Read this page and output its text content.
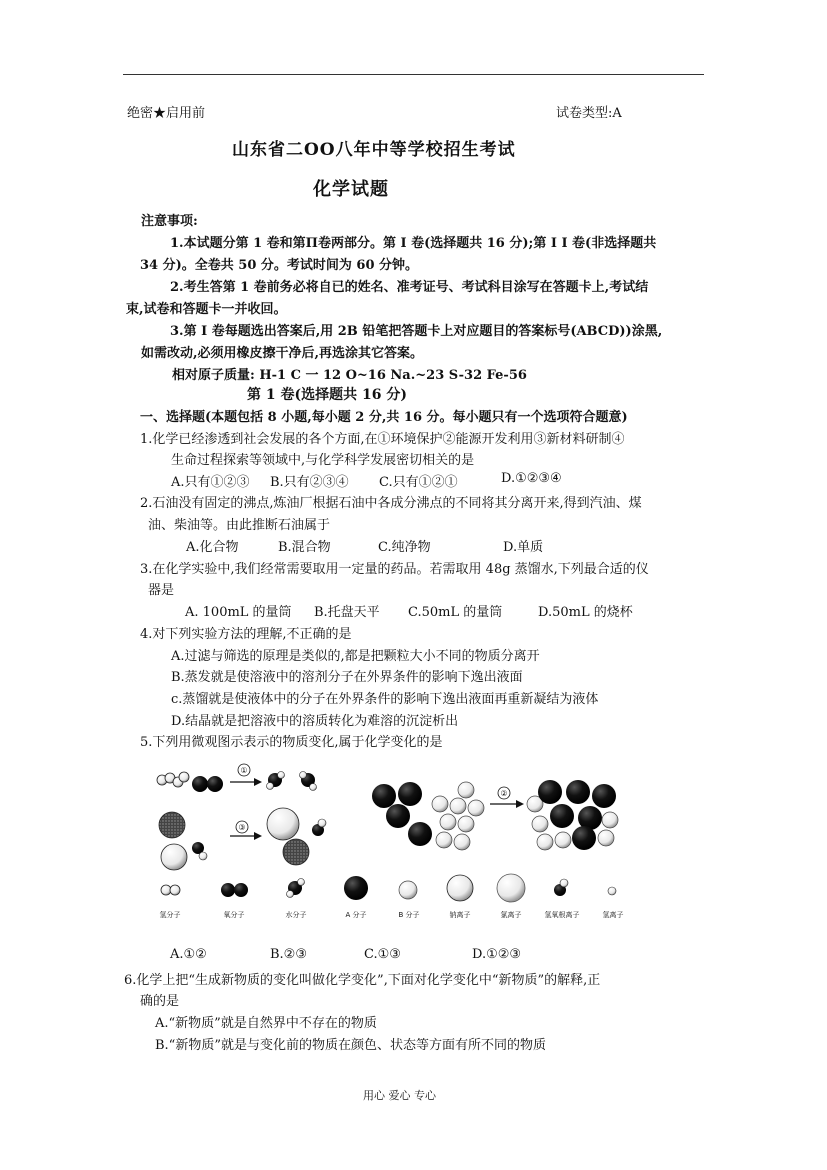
绝密★启用前	试卷类型:A
山东省二OO八年中等学校招生考试
化学试题
注意事项:
1.本试题分第 1 卷和第Π卷两部分。第 I 卷(选择题共 16 分);第 I I 卷(非选择题共
34 分)。全卷共 50 分。考试时间为 60 分钟。
2.考生答第 1 卷前务必将自已的姓名、准考证号、考试科目涂写在答题卡上,考试结
束,试卷和答题卡一并收回。
3.第 I 卷每题选出答案后,用 2B 铅笔把答题卡上对应题目的答案标号(ABCD))涂黑,
如需改动,必须用橡皮擦干净后,再选涂其它答案。
相对原子质量: H-1 C 一 12 O~16 Na.~23 S-32 Fe-56
第 1 卷(选择题共 16 分)
一、选择题(本题包括 8 小题,每小题 2 分,共 16 分。每小题只有一个选项符合题意)
1.化学已经渗透到社会发展的各个方面,在①环境保护②能源开发利用③新材料研制④
生命过程探索等领域中,与化学科学发展密切相关的是
A.只有①②③ B.只有②③④ C.只有①②①	D.①②③④
2.石油没有固定的沸点,炼油厂根据石油中各成分沸点的不同将其分离开来,得到汽油、煤
油、柴油等。由此推断石油属于
A.化合物	B.混合物	C.纯净物	D.单质
3.在化学实验中,我们经常需要取用一定量的药品。若需取用 48g 蒸馏水,下列最合适的仪
器是
A. 100mL 的量筒 B.托盘天平 C.50mL 的量筒	D.50mL 的烧杯
4.对下列实验方法的理解,不正确的是
A.过滤与筛选的原理是类似的,都是把颗粒大小不同的物质分离开
B.蒸发就是使溶液中的溶剂分子在外界条件的影响下逸出液面
c.蒸馏就是使液体中的分子在外界条件的影响下逸出液面再重新凝结为液体
D.结晶就是把溶液中的溶质转化为难溶的沉淀析出
5.下列用微观图示表示的物质变化,属于化学变化的是
①
③
②
氢分子	氧分子	水分子	A 分子	B 分子	钠离子	氯离子	氢氧根离子	氢离子
A.①②	B.②③	C.①③	D.①②③
6.化学上把“生成新物质的变化叫做化学变化”,下面对化学变化中“新物质”的解释,正
确的是
A.“新物质”就是自然界中不存在的物质
B.“新物质”就是与变化前的物质在颜色、状态等方面有所不同的物质
用心 爱心 专心
